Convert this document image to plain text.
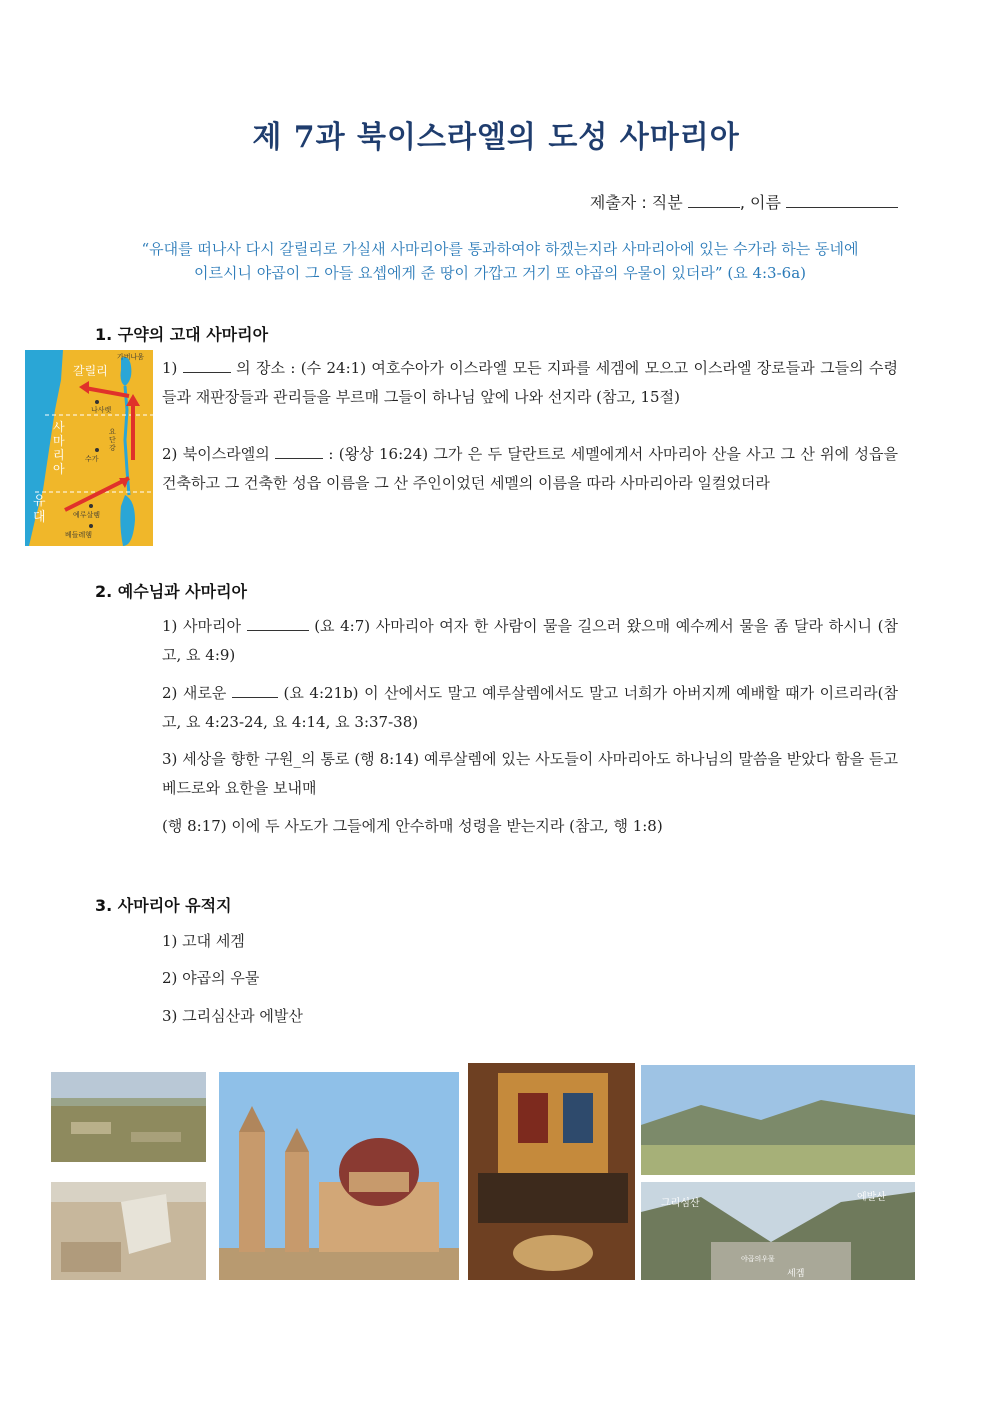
제 7과 북이스라엘의 도성 사마리아
제출자 : 직분	, 이름
“유대를 떠나사 다시 갈릴리로 가실새 사마리아를 통과하여야 하겠는지라 사마리아에 있는 수가라 하는 동네에
이르시니 야곱이 그 아들 요셉에게 준 땅이 가깝고 거기 또 야곱의 우물이 있더라” (요 4:3-6a)
1. 구약의 고대 사마리아
갈릴리
사마리아
유대
가버나움
나사렛
요단강
수가
예루살렘
베들레헴
1)	의 장소 : (수 24:1) 여호수아가 이스라엘 모든 지파를 세겜에 모으고 이스라엘 장로들과 그들의 수령들과 재판장들과 관리들을 부르매 그들이 하나님 앞에 나와 선지라 (참고, 15절)
2) 북이스라엘의	: (왕상 16:24) 그가 은 두 달란트로 세멜에게서 사마리아 산을 사고 그 산 위에 성읍을 건축하고 그 건축한 성읍 이름을 그 산 주인이었던 세멜의 이름을 따라 사마리아라 일컬었더라
2. 예수님과 사마리아
1) 사마리아	(요 4:7) 사마리아 여자 한 사람이 물을 길으러 왔으매 예수께서 물을 좀 달라 하시니 (참고, 요 4:9)
2) 새로운	(요 4:21b) 이 산에서도 말고 예루살렘에서도 말고 너희가 아버지께 예배할 때가 이르리라(참고, 요 4:23-24, 요 4:14, 요 3:37-38)
3) 세상을 향한 구원_의 통로 (행 8:14) 예루살렘에 있는 사도들이 사마리아도 하나님의 말씀을 받았다 함을 듣고 베드로와 요한을 보내매
(행 8:17) 이에 두 사도가 그들에게 안수하매 성령을 받는지라 (참고, 행 1:8)
3. 사마리아 유적지
1) 고대 세겜
2) 야곱의 우물
3) 그리심산과 에발산
그리심산
에발산
세겜
야곱의우물
